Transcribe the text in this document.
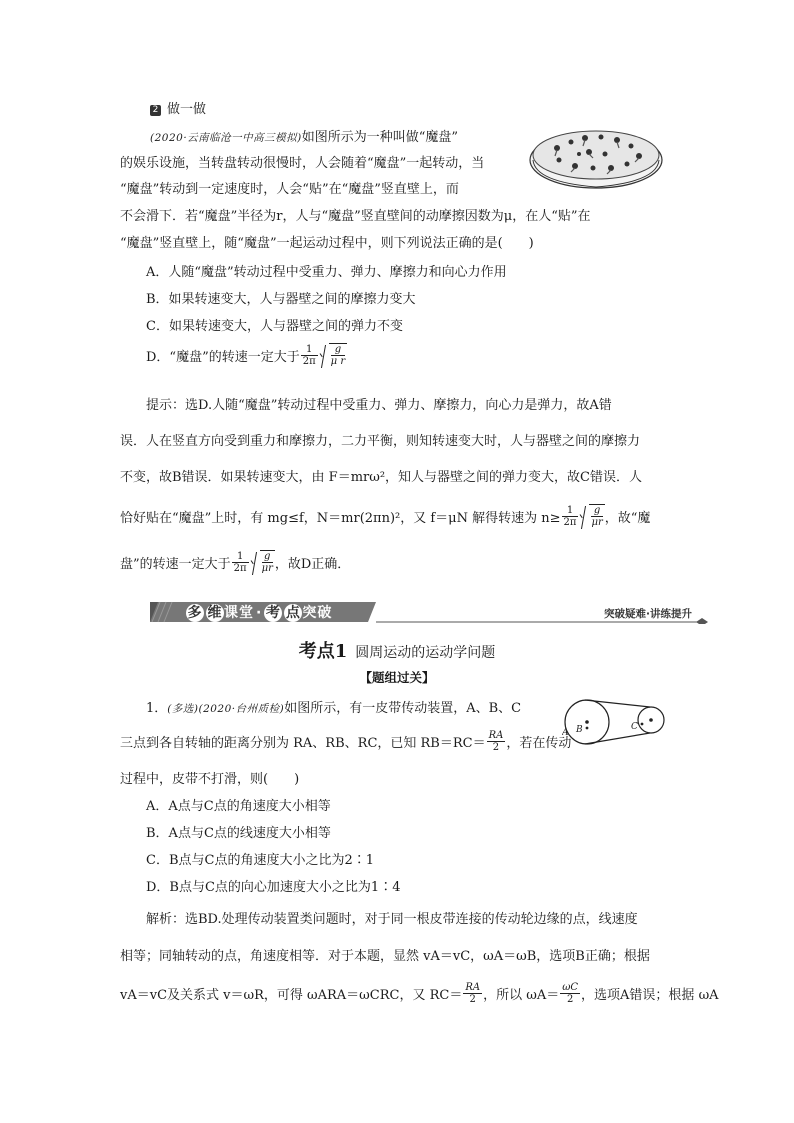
2 做一做
(2020·云南临沧一中高三模拟)如图所示为一种叫做“魔盘”
的娱乐设施，当转盘转动很慢时，人会随着“魔盘”一起转动，当
“魔盘”转动到一定速度时，人会“贴”在“魔盘”竖直壁上，而
不会滑下．若“魔盘”半径为r，人与“魔盘”竖直壁间的动摩擦因数为μ，在人“贴”在
“魔盘”竖直壁上，随“魔盘”一起运动过程中，则下列说法正确的是(　　)
A．人随“魔盘”转动过程中受重力、弹力、摩擦力和向心力作用
B．如果转速变大，人与器壁之间的摩擦力变大
C．如果转速变大，人与器壁之间的弹力不变
D．“魔盘”的转速一定大于 $\frac{1}{2\pi} \frac{g}{\text{μ r}}$
提示：选D.人随“魔盘”转动过程中受重力、弹力、摩擦力，向心力是弹力，故A错
误．人在竖直方向受到重力和摩擦力，二力平衡，则知转速变大时，人与器壁之间的摩擦力
不变，故B错误．如果转速变大，由 F＝mrω²，知人与器壁之间的弹力变大，故C错误．人
恰好贴在“魔盘”上时，有 mg≤f，N＝mr(2πn)²，又 f＝μN 解得转速为 $n\ge \frac{1}{2\pi} \frac{g}{\mu r}$ ，故“魔
盘”的转速一定大于 $\frac{1}{2\pi} \frac{g}{\mu r}$ ，故D正确．
多 维 课堂 · 考 点 突破	突破疑难·讲练提升
考点1 圆周运动的运动学问题
【题组过关】
1．(多选)(2020·台州质检)如图所示，有一皮带传动装置，A、B、C
B	C
A
三点到各自转轴的距离分别为 RA、RB、RC，已知 $RB=RC= \frac{RA}{2}$ ，若在传动
过程中，皮带不打滑，则(　　)
A．A点与C点的角速度大小相等
B．A点与C点的线速度大小相等
C．B点与C点的角速度大小之比为2∶1
D．B点与C点的向心加速度大小之比为1∶4
解析：选BD.处理传动装置类问题时，对于同一根皮带连接的传动轮边缘的点，线速度
相等；同轴转动的点，角速度相等．对于本题，显然 vA＝vC，ωA＝ωB，选项B正确；根据
vA＝vC及关系式 v＝ωR，可得 ωARA＝ωCRC，又 $RC= \frac{RA}{2}$ ，所以 $\omega A= \frac{\omega C}{2}$ ，选项A错误；根据 ωA
